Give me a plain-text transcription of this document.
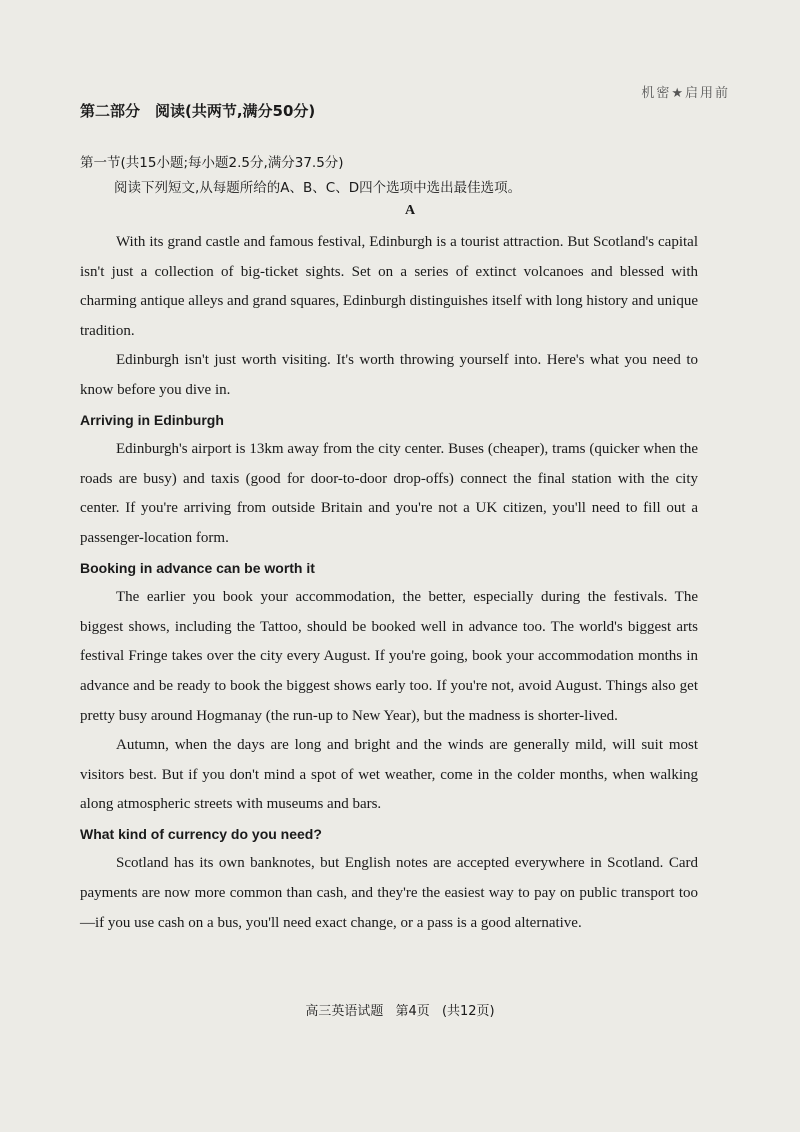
机密★启用前
第二部分　阅读(共两节,满分50分)
第一节(共15小题;每小题2.5分,满分37.5分)
阅读下列短文,从每题所给的A、B、C、D四个选项中选出最佳选项。
A

With its grand castle and famous festival, Edinburgh is a tourist attraction. But Scotland's capital isn't just a collection of big-ticket sights. Set on a series of extinct volcanoes and blessed with charming antique alleys and grand squares, Edinburgh distinguishes itself with long history and unique tradition.

Edinburgh isn't just worth visiting. It's worth throwing yourself into. Here's what you need to know before you dive in.

Arriving in Edinburgh

Edinburgh's airport is 13km away from the city center. Buses (cheaper), trams (quicker when the roads are busy) and taxis (good for door-to-door drop-offs) connect the final station with the city center. If you're arriving from outside Britain and you're not a UK citizen, you'll need to fill out a passenger-location form.

Booking in advance can be worth it

The earlier you book your accommodation, the better, especially during the festivals. The biggest shows, including the Tattoo, should be booked well in advance too. The world's biggest arts festival Fringe takes over the city every August. If you're going, book your accommodation months in advance and be ready to book the biggest shows early too. If you're not, avoid August. Things also get pretty busy around Hogmanay (the run-up to New Year), but the madness is shorter-lived.

Autumn, when the days are long and bright and the winds are generally mild, will suit most visitors best. But if you don't mind a spot of wet weather, come in the colder months, when walking along atmospheric streets with museums and bars.

What kind of currency do you need?

Scotland has its own banknotes, but English notes are accepted everywhere in Scotland. Card payments are now more common than cash, and they're the easiest way to pay on public transport too—if you use cash on a bus, you'll need exact change, or a pass is a good alternative.

高三英语试题 第4页 (共12页)
